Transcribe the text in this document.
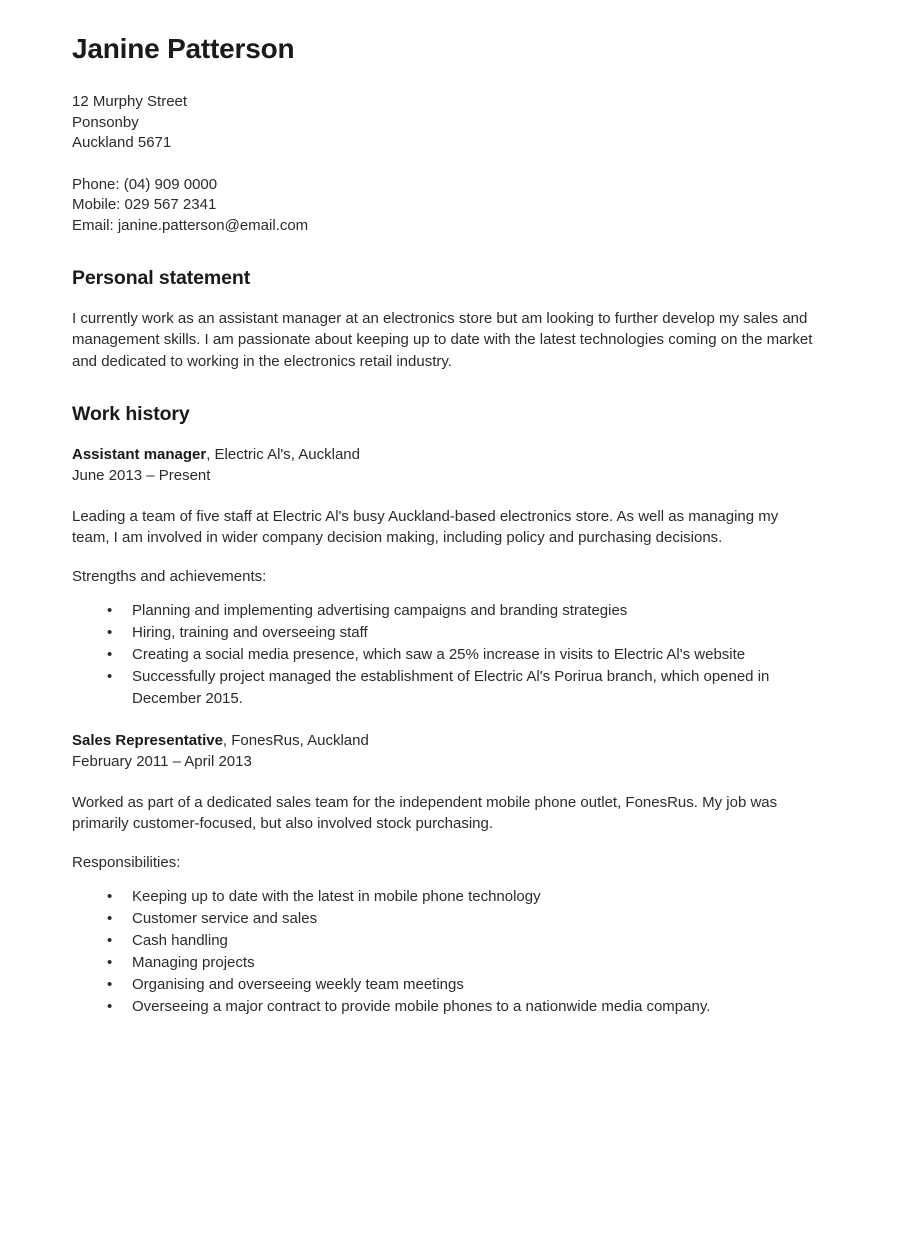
Janine Patterson
12 Murphy Street
Ponsonby
Auckland 5671
Phone: (04) 909 0000
Mobile: 029 567 2341
Email: janine.patterson@email.com
Personal statement

I currently work as an assistant manager at an electronics store but am looking to further develop my sales and management skills. I am passionate about keeping up to date with the latest technologies coming on the market and dedicated to working in the electronics retail industry.

Work history

Assistant manager, Electric Al's, Auckland

June 2013 – Present

Leading a team of five staff at Electric Al's busy Auckland-based electronics store. As well as managing my team, I am involved in wider company decision making, including policy and purchasing decisions.

Strengths and achievements:

• Planning and implementing advertising campaigns and branding strategies
• Hiring, training and overseeing staff
• Creating a social media presence, which saw a 25% increase in visits to Electric Al's website
• Successfully project managed the establishment of Electric Al's Porirua branch, which opened in December 2015.

Sales Representative, FonesRus, Auckland

February 2011 – April 2013

Worked as part of a dedicated sales team for the independent mobile phone outlet, FonesRus. My job was primarily customer-focused, but also involved stock purchasing.

Responsibilities:

• Keeping up to date with the latest in mobile phone technology
• Customer service and sales
• Cash handling
• Managing projects
• Organising and overseeing weekly team meetings
• Overseeing a major contract to provide mobile phones to a nationwide media company.
